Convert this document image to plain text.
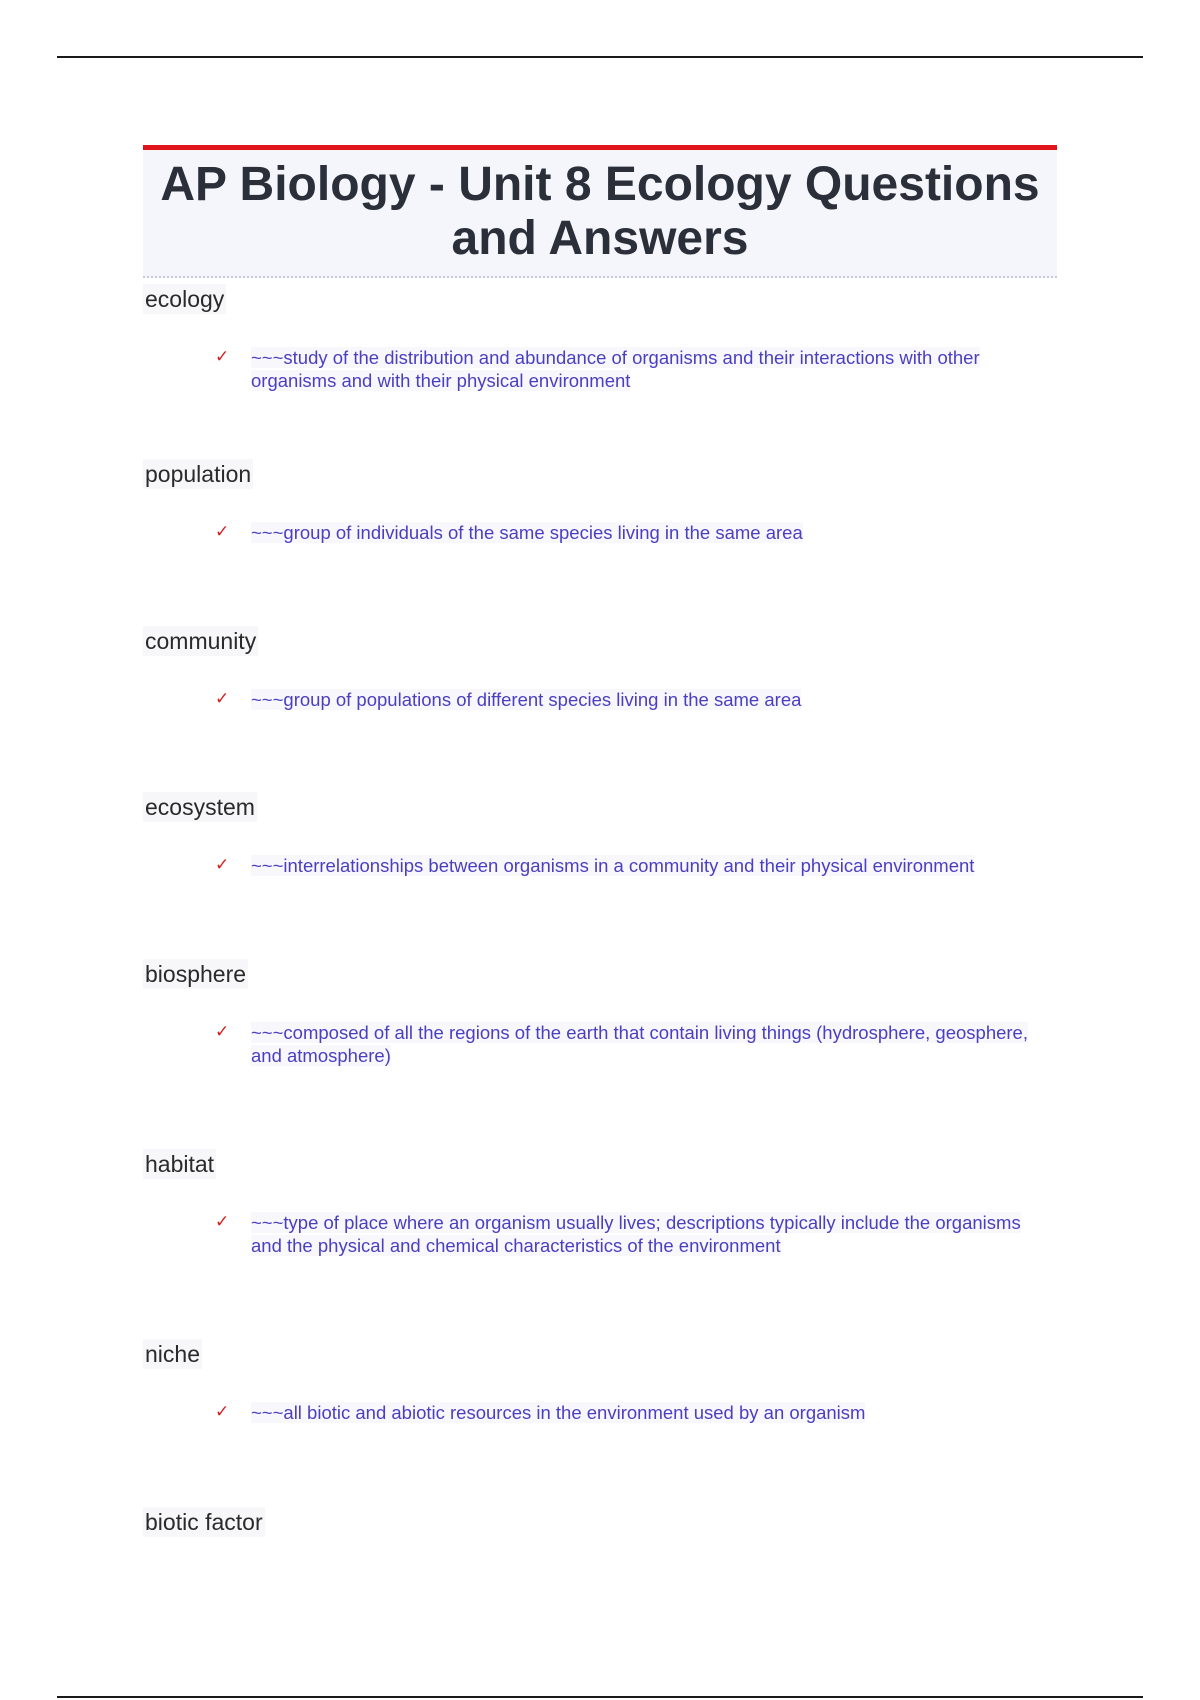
AP Biology - Unit 8 Ecology Questions and Answers
ecology
✓ ~~~study of the distribution and abundance of organisms and their interactions with other organisms and with their physical environment
population
✓ ~~~group of individuals of the same species living in the same area
community
✓ ~~~group of populations of different species living in the same area
ecosystem
✓ ~~~interrelationships between organisms in a community and their physical environment
biosphere
✓ ~~~composed of all the regions of the earth that contain living things (hydrosphere, geosphere, and atmosphere)
habitat
✓ ~~~type of place where an organism usually lives; descriptions typically include the organisms and the physical and chemical characteristics of the environment
niche
✓ ~~~all biotic and abiotic resources in the environment used by an organism
biotic factor
